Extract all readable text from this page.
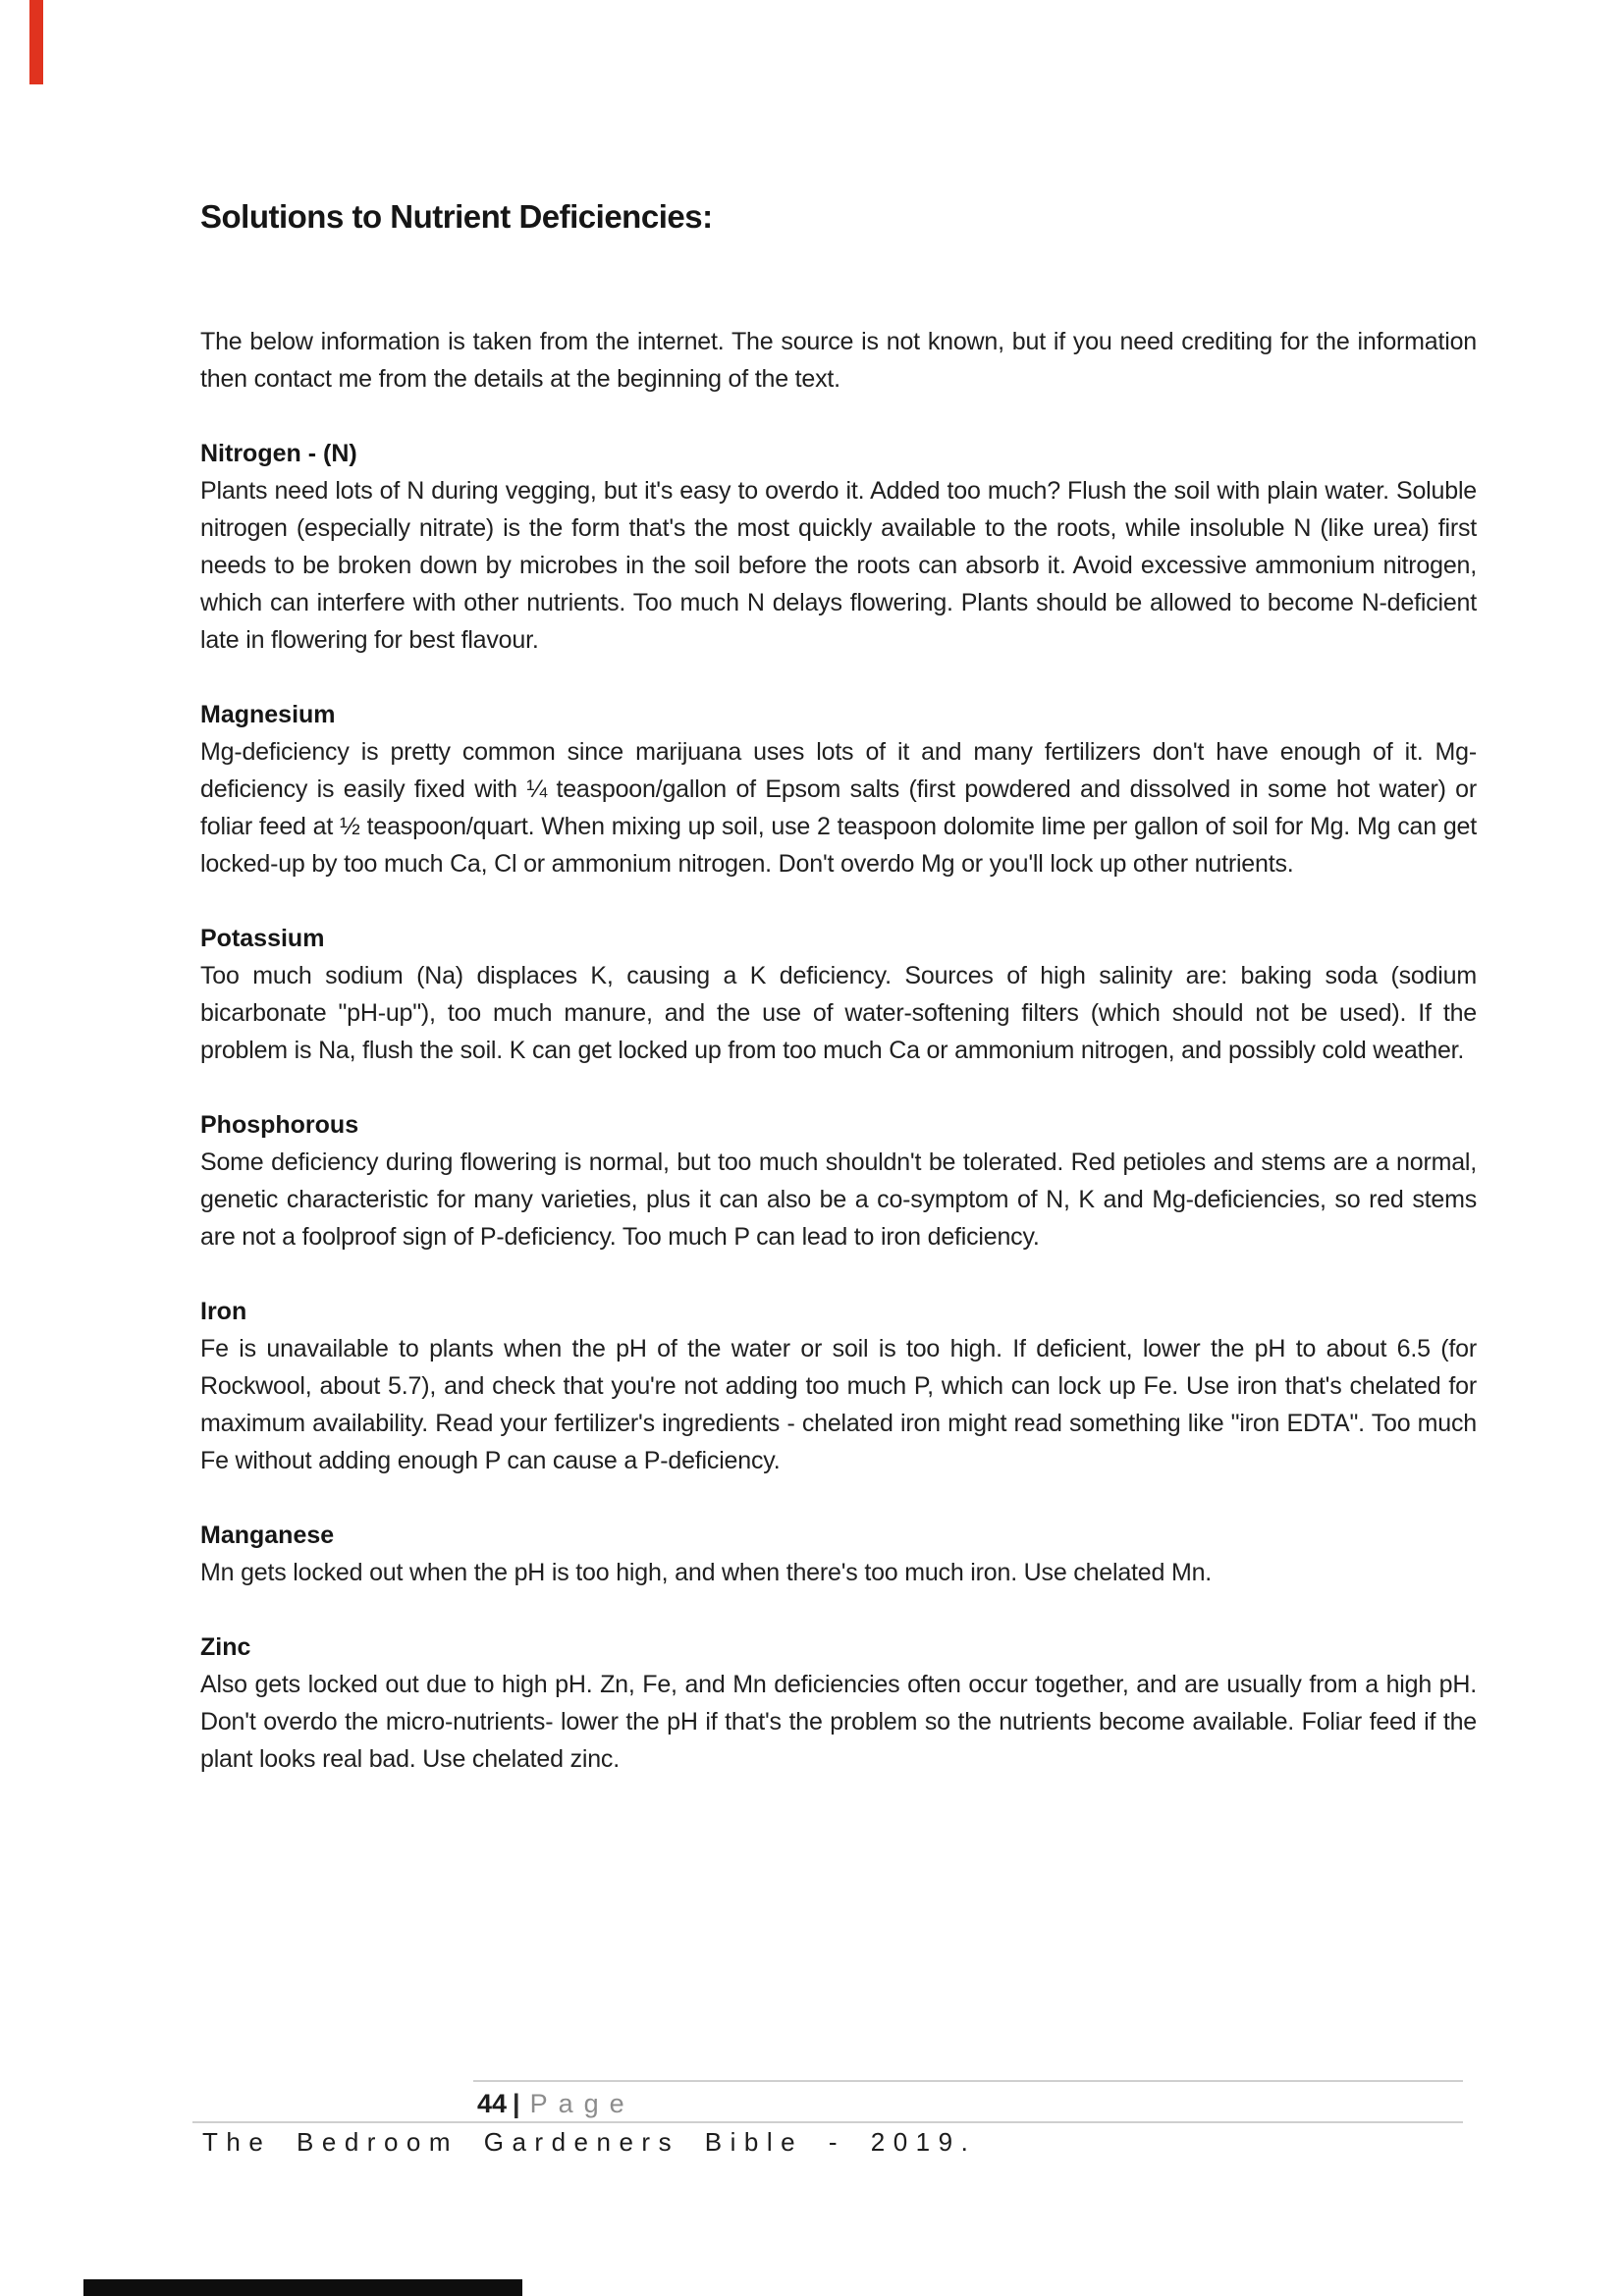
Solutions to Nutrient Deficiencies:

The below information is taken from the internet. The source is not known, but if you need crediting for the information then contact me from the details at the beginning of the text.

Nitrogen - (N)

Plants need lots of N during vegging, but it's easy to overdo it. Added too much? Flush the soil with plain water. Soluble nitrogen (especially nitrate) is the form that's the most quickly available to the roots, while insoluble N (like urea) first needs to be broken down by microbes in the soil before the roots can absorb it. Avoid excessive ammonium nitrogen, which can interfere with other nutrients. Too much N delays flowering. Plants should be allowed to become N-deficient late in flowering for best flavour.

Magnesium

Mg-deficiency is pretty common since marijuana uses lots of it and many fertilizers don't have enough of it. Mg-deficiency is easily fixed with ¼ teaspoon/gallon of Epsom salts (first powdered and dissolved in some hot water) or foliar feed at ½ teaspoon/quart. When mixing up soil, use 2 teaspoon dolomite lime per gallon of soil for Mg. Mg can get locked-up by too much Ca, Cl or ammonium nitrogen. Don't overdo Mg or you'll lock up other nutrients.

Potassium

Too much sodium (Na) displaces K, causing a K deficiency. Sources of high salinity are: baking soda (sodium bicarbonate "pH-up"), too much manure, and the use of water-softening filters (which should not be used). If the problem is Na, flush the soil. K can get locked up from too much Ca or ammonium nitrogen, and possibly cold weather.

Phosphorous

Some deficiency during flowering is normal, but too much shouldn't be tolerated. Red petioles and stems are a normal, genetic characteristic for many varieties, plus it can also be a co-symptom of N, K and Mg-deficiencies, so red stems are not a foolproof sign of P-deficiency. Too much P can lead to iron deficiency.

Iron

Fe is unavailable to plants when the pH of the water or soil is too high. If deficient, lower the pH to about 6.5 (for Rockwool, about 5.7), and check that you're not adding too much P, which can lock up Fe. Use iron that's chelated for maximum availability. Read your fertilizer's ingredients - chelated iron might read something like "iron EDTA". Too much Fe without adding enough P can cause a P-deficiency.

Manganese

Mn gets locked out when the pH is too high, and when there's too much iron. Use chelated Mn.

Zinc

Also gets locked out due to high pH. Zn, Fe, and Mn deficiencies often occur together, and are usually from a high pH. Don't overdo the micro-nutrients- lower the pH if that's the problem so the nutrients become available. Foliar feed if the plant looks real bad. Use chelated zinc.

44 | Page
The Bedroom Gardeners Bible - 2019.
